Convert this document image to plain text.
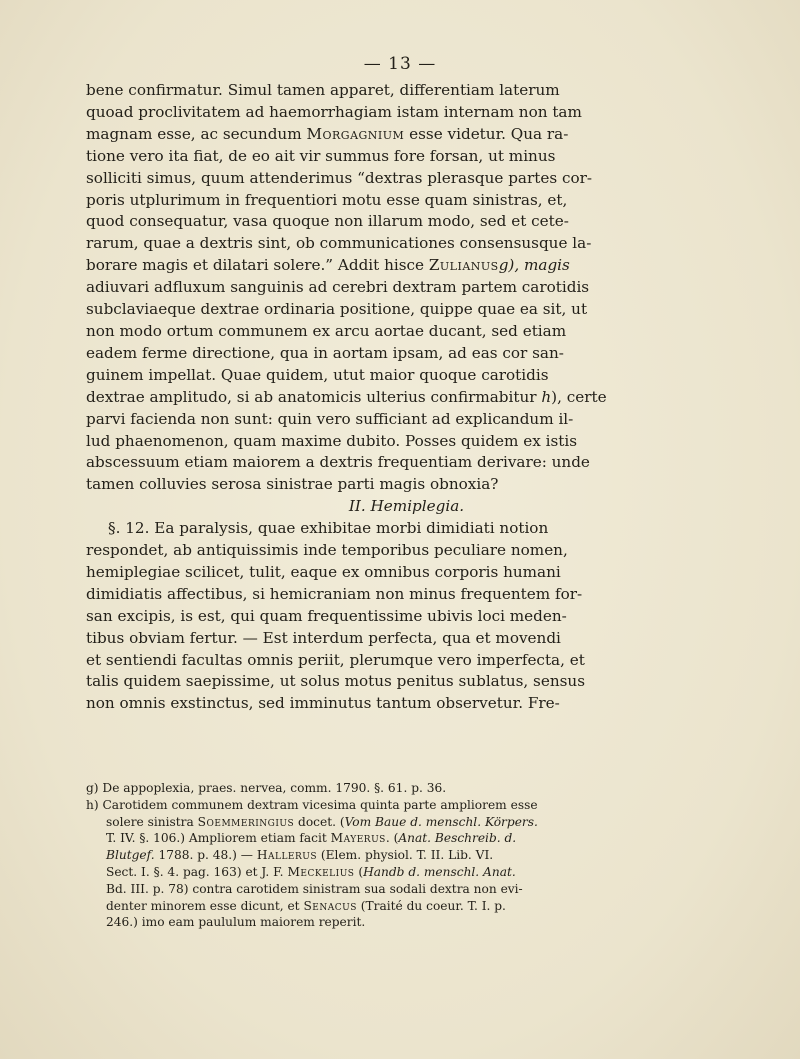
— 13 —

bene confirmatur. Simul tamen apparet, differentiam laterum
quoad proclivitatem ad haemorrhagiam istam internam non tam
magnam esse, ac secundum Morgagnium esse videtur. Qua ra-
tione vero ita fiat, de eo ait vir summus fore forsan, ut minus
solliciti simus, quum attenderimus “dextras plerasque partes cor-
poris utplurimum in frequentiori motu esse quam sinistras, et,
quod consequatur, vasa quoque non illarum modo, sed et cete-
rarum, quae a dextris sint, ob communicationes consensusque la-
borare magis et dilatari solere.” Addit hisce Zulianusg), magis
adiuvari adfluxum sanguinis ad cerebri dextram partem carotidis
subclaviaeque dextrae ordinaria positione, quippe quae ea sit, ut
non modo ortum communem ex arcu aortae ducant, sed etiam
eadem ferme directione, qua in aortam ipsam, ad eas cor san-
guinem impellat. Quae quidem, utut maior quoque carotidis
dextrae amplitudo, si ab anatomicis ulterius confirmabitur h), certe
parvi facienda non sunt: quin vero sufficiant ad explicandum il-
lud phaenomenon, quam maxime dubito. Posses quidem ex istis
abscessuum etiam maiorem a dextris frequentiam derivare: unde
tamen colluvies serosa sinistrae parti magis obnoxia?

II. Hemiplegia.

§. 12. Ea paralysis, quae exhibitae morbi dimidiati notion
respondet, ab antiquissimis inde temporibus peculiare nomen,
hemiplegiae scilicet, tulit, eaque ex omnibus corporis humani
dimidiatis affectibus, si hemicraniam non minus frequentem for-
san excipis, is est, qui quam frequentissime ubivis loci meden-
tibus obviam fertur. — Est interdum perfecta, qua et movendi
et sentiendi facultas omnis periit, plerumque vero imperfecta, et
talis quidem saepissime, ut solus motus penitus sublatus, sensus
non omnis exstinctus, sed imminutus tantum observetur. Fre-

g) De appoplexia, praes. nervea, comm. 1790. §. 61. p. 36.

h) Carotidem communem dextram vicesima quinta parte ampliorem esse
solere sinistra Soemmeringius docet. (Vom Baue d. menschl. Körpers.
T. IV. §. 106.) Ampliorem etiam facit Mayerus. (Anat. Beschreib. d.
Blutgef. 1788. p. 48.) — Hallerus (Elem. physiol. T. II. Lib. VI.
Sect. I. §. 4. pag. 163) et J. F. Meckelius (Handb d. menschl. Anat.
Bd. III. p. 78) contra carotidem sinistram sua sodali dextra non evi-
denter minorem esse dicunt, et Senacus (Traité du coeur. T. I. p.
246.) imo eam paululum maiorem reperit.
